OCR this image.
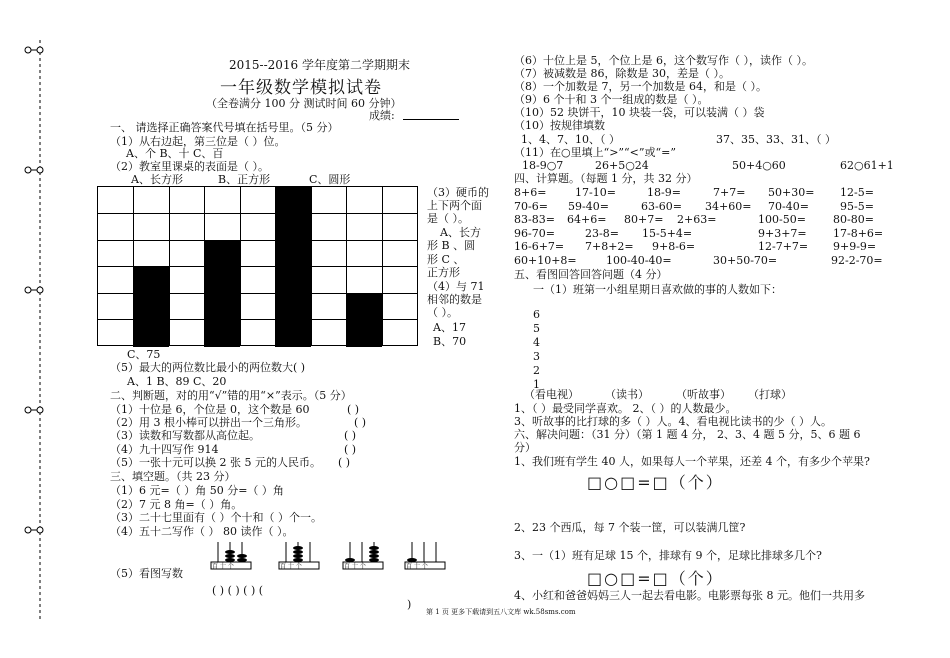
2015--2016 学年度第二学期期末
一年级数学模拟试卷
（全卷满分 100 分 测试时间 60 分钟）
成绩:
一、 请选择正确答案代号填在括号里。（5 分）
（1）从右边起，第三位是（ ）位。
A、个 B、十 C、百
（2）教室里课桌的表面是（ ）。
A、长方形	B、正方形	C、圆形
（3）硬币的
上下两个面
是（ ）。
A、长方
形 B 、圆
形 C 、
正方形
（4）与 71
相邻的数是
（ ）。
A、17
B、70
C、75
（5）最大的两位数比最小的两位数大( )
A、1 B、89 C、20
二、判断题，对的用“√”错的用“×”表示。（5 分）
（1）十位是 6，个位是 0，这个数是 60	( )
（2）用 3 根小棒可以拼出一个三角形。	( )
（3）读数和写数都从高位起。	( )
（4）九十四写作 914	( )
（5）一张十元可以换 2 张 5 元的人民币。 ( )
三、填空题。（共 23 分）
（1）6 元=（ ）角 50 分=（ ）角
（2）7 元 8 角=（ ）角。
（3）二十七里面有（ ）个十和（ ）个一。
（4）五十二写作（ ） 80 读作（ ）。
百 十 个	百 十 个	百 十 个	百 十 个
（5）看图写数
( ) ( ) ( ) (
)
（6）十位上是 5，个位上是 6，这个数写作（ ），读作（ ）。
（7）被减数是 86，除数是 30，差是（ ）。
（8）一个加数是 7，另一个加数是 64，和是（ ）。
（9）6 个十和 3 个一组成的数是（ ）。
（10）52 块饼干，10 块装一袋，可以装满（ ）袋
（10）按规律填数
1、4、7、10、（ ）	37、35、33、31、（ ）
（11）在○里填上“>”“<”或“=”
18-9○7	26+5○24	50+4○60	62○61+1
四、计算题。（每题 1 分，共 32 分）
8+6=	17-10=	18-9=	7+7= 50+30= 12-5=
70-6= 59-40=	63-60= 34+60= 70-40=	95-5=
83-83= 64+6= 80+7= 2+63=	100-50= 80-80=
96-70=	23-8= 15-5+4=	9+3+7= 17-8+6=
16-6+7= 7+8+2= 9+8-6=	12-7+7= 9+9-9=
60+10+8=	100-40-40=	30+50-70=	92-2-70=
五、看图回答回答问题（4 分）
一（1）班第一小组星期日喜欢做的事的人数如下：
6
5
4
3
2
1
（看电视） （读书） （听故事） （打球）
1、（ ）最受同学喜欢。 2、（ ）的人数最少。
3、听故事的比打球的多（ ）人。4、看电视比读书的少（ ）人。
六、解决问题：（31 分）（第 1 题 4 分， 2、3、4 题 5 分，5、6 题 6
分）
1、我们班有学生 40 人，如果每人一个苹果，还差 4 个，有多少个苹果?
□○□=□（个）
2、23 个西瓜，每 7 个装一筐，可以装满几筐?
3、一（1）班有足球 15 个，排球有 9 个，足球比排球多几个?
□○□=□（个）
4、小红和爸爸妈妈三人一起去看电影。电影票每张 8 元。他们一共用多
第 1 页 更多下载请到五八文库 wk.58sms.com
